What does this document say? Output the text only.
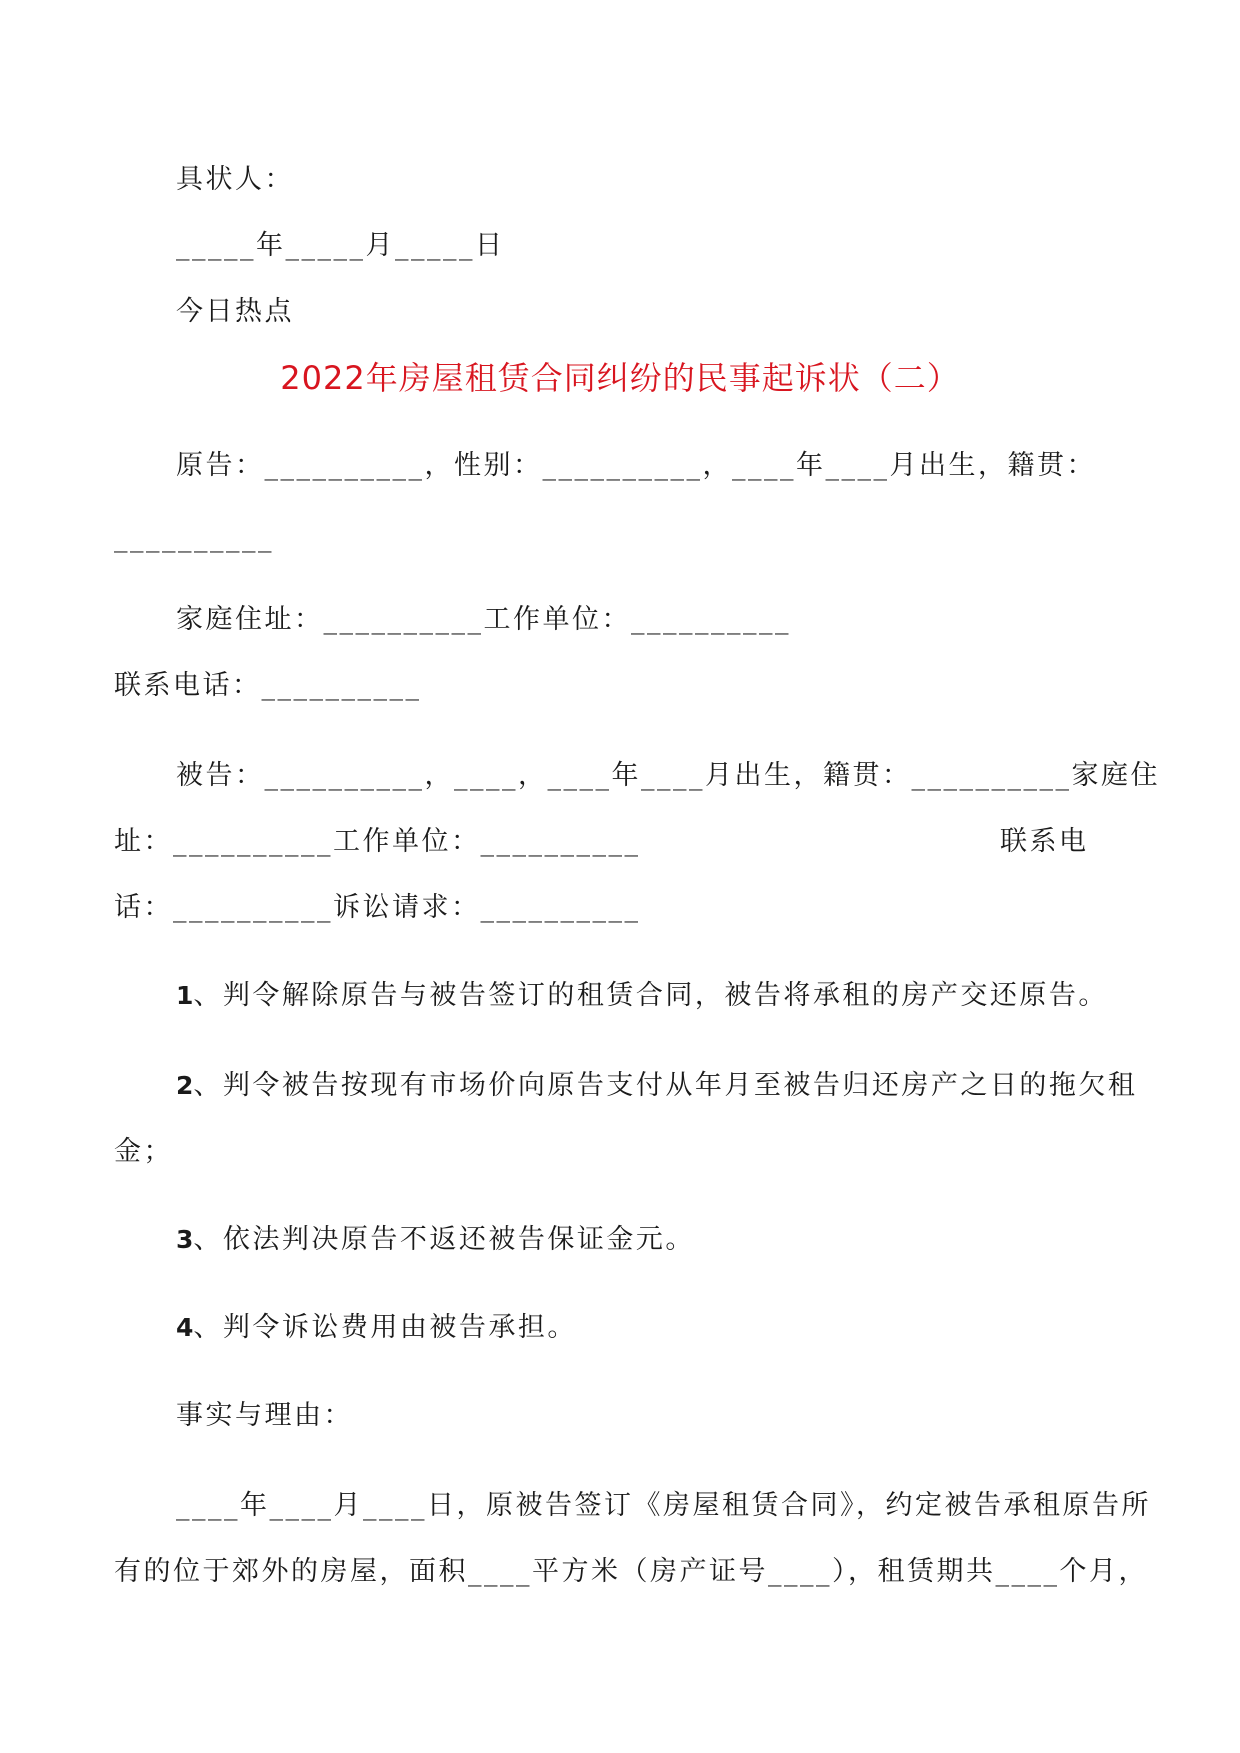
具状人：
_____年_____月_____日
今日热点
2022年房屋租赁合同纠纷的民事起诉状（二）
原告：__________，性别：__________，____年____月出生，籍贯：
__________
家庭住址：__________工作单位：__________
联系电话：__________
被告：__________，____，____年____月出生，籍贯：__________家庭住
址：__________工作单位：__________	联系电
话：__________诉讼请求：__________
1、判令解除原告与被告签订的租赁合同，被告将承租的房产交还原告。
2、判令被告按现有市场价向原告支付从年月至被告归还房产之日的拖欠租
金；
3、依法判决原告不返还被告保证金元。
4、判令诉讼费用由被告承担。
事实与理由：
____年____月____日，原被告签订《房屋租赁合同》，约定被告承租原告所
有的位于郊外的房屋，面积____平方米（房产证号____），租赁期共____个月，
